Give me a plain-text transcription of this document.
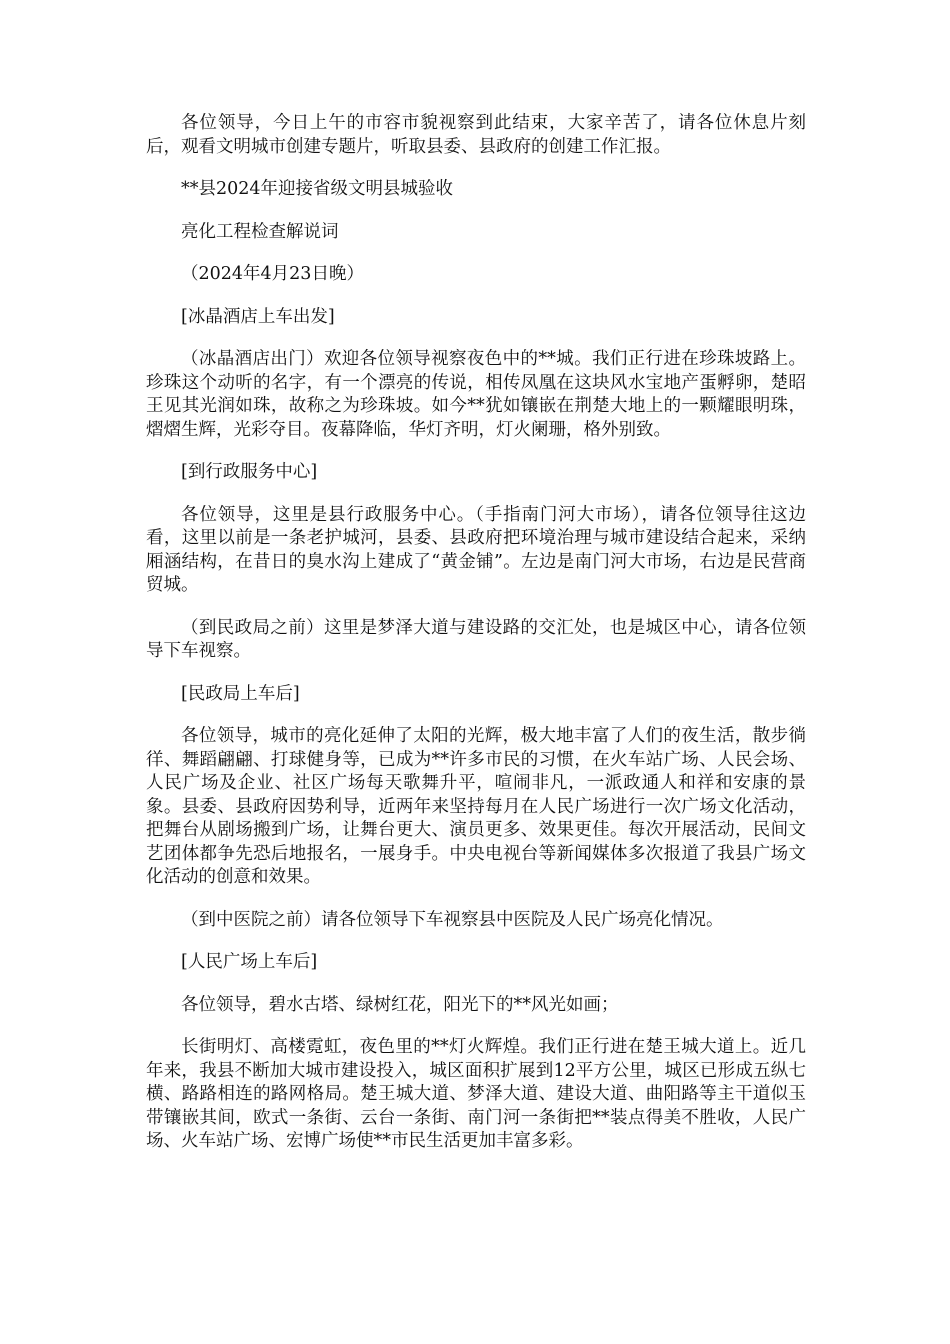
各位领导，今日上午的市容市貌视察到此结束，大家辛苦了，请各位休息片刻后，观看文明城市创建专题片，听取县委、县政府的创建工作汇报。

**县2024年迎接省级文明县城验收

亮化工程检查解说词

（2024年4月23日晚）

[冰晶酒店上车出发]

（冰晶酒店出门）欢迎各位领导视察夜色中的**城。我们正行进在珍珠坡路上。珍珠这个动听的名字，有一个漂亮的传说，相传凤凰在这块风水宝地产蛋孵卵，楚昭王见其光润如珠，故称之为珍珠坡。如今**犹如镶嵌在荆楚大地上的一颗耀眼明珠，熠熠生辉，光彩夺目。夜幕降临，华灯齐明，灯火阑珊，格外别致。

[到行政服务中心]

各位领导，这里是县行政服务中心。（手指南门河大市场），请各位领导往这边看，这里以前是一条老护城河，县委、县政府把环境治理与城市建设结合起来，采纳厢涵结构，在昔日的臭水沟上建成了“黄金铺”。左边是南门河大市场，右边是民营商贸城。

（到民政局之前）这里是梦泽大道与建设路的交汇处，也是城区中心，请各位领导下车视察。

[民政局上车后]

各位领导，城市的亮化延伸了太阳的光辉，极大地丰富了人们的夜生活，散步徜徉、舞蹈翩翩、打球健身等，已成为**许多市民的习惯，在火车站广场、人民会场、人民广场及企业、社区广场每天歌舞升平，喧闹非凡，一派政通人和祥和安康的景象。县委、县政府因势利导，近两年来坚持每月在人民广场进行一次广场文化活动，把舞台从剧场搬到广场，让舞台更大、演员更多、效果更佳。每次开展活动，民间文艺团体都争先恐后地报名，一展身手。中央电视台等新闻媒体多次报道了我县广场文化活动的创意和效果。

（到中医院之前）请各位领导下车视察县中医院及人民广场亮化情况。

[人民广场上车后]

各位领导，碧水古塔、绿树红花，阳光下的**风光如画；

长街明灯、高楼霓虹，夜色里的**灯火辉煌。我们正行进在楚王城大道上。近几年来，我县不断加大城市建设投入，城区面积扩展到12平方公里，城区已形成五纵七横、路路相连的路网格局。楚王城大道、梦泽大道、建设大道、曲阳路等主干道似玉带镶嵌其间，欧式一条街、云台一条街、南门河一条街把**装点得美不胜收，人民广场、火车站广场、宏博广场使**市民生活更加丰富多彩。
